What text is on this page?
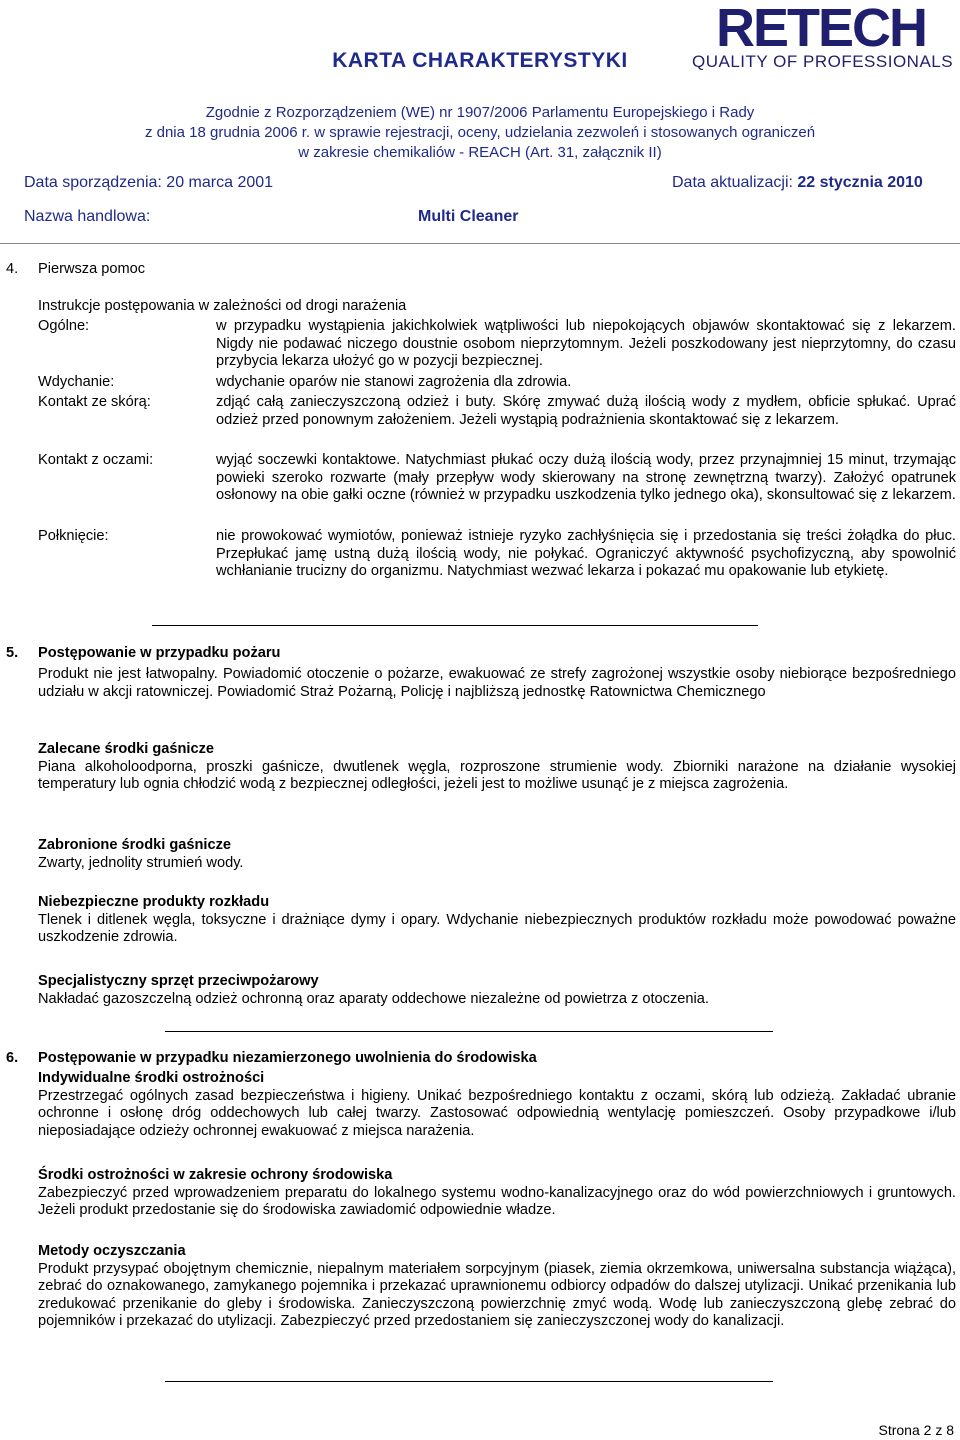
RETECH
QUALITY OF PROFESSIONALS
KARTA CHARAKTERYSTYKI
Zgodnie z Rozporządzeniem (WE) nr 1907/2006 Parlamentu Europejskiego i Rady
z dnia 18 grudnia 2006 r. w sprawie rejestracji, oceny, udzielania zezwoleń i stosowanych ograniczeń
w zakresie chemikaliów - REACH (Art. 31, załącznik II)
Data sporządzenia: 20 marca 2001	Data aktualizacji: 22 stycznia 2010
Nazwa handlowa:	Multi Cleaner
4. Pierwsza pomoc
Instrukcje postępowania w zależności od drogi narażenia
Ogólne:	w przypadku wystąpienia jakichkolwiek wątpliwości lub niepokojących objawów skontaktować się z lekarzem. Nigdy nie podawać niczego doustnie osobom nieprzytomnym. Jeżeli poszkodowany jest nieprzytomny, do czasu przybycia lekarza ułożyć go w pozycji bezpiecznej.
Wdychanie:	wdychanie oparów nie stanowi zagrożenia dla zdrowia.
Kontakt ze skórą:	zdjąć całą zanieczyszczoną odzież i buty. Skórę zmywać dużą ilością wody z mydłem, obficie spłukać. Uprać odzież przed ponownym założeniem. Jeżeli wystąpią podrażnienia skontaktować się z lekarzem.
Kontakt z oczami:	wyjąć soczewki kontaktowe. Natychmiast płukać oczy dużą ilością wody, przez przynajmniej 15 minut, trzymając powieki szeroko rozwarte (mały przepływ wody skierowany na stronę zewnętrzną twarzy). Założyć opatrunek osłonowy na obie gałki oczne (również w przypadku uszkodzenia tylko jednego oka), skonsultować się z lekarzem.
Połknięcie:	nie prowokować wymiotów, ponieważ istnieje ryzyko zachłyśnięcia się i przedostania się treści żołądka do płuc. Przepłukać jamę ustną dużą ilością wody, nie połykać. Ograniczyć aktywność psychofizyczną, aby spowolnić wchłanianie trucizny do organizmu. Natychmiast wezwać lekarza i pokazać mu opakowanie lub etykietę.
5. Postępowanie w przypadku pożaru
Produkt nie jest łatwopalny. Powiadomić otoczenie o pożarze, ewakuować ze strefy zagrożonej wszystkie osoby niebiorące bezpośredniego udziału w akcji ratowniczej. Powiadomić Straż Pożarną, Policję i najbliższą jednostkę Ratownictwa Chemicznego
Zalecane środki gaśnicze
Piana alkoholoodporna, proszki gaśnicze, dwutlenek węgla, rozproszone strumienie wody. Zbiorniki narażone na działanie wysokiej temperatury lub ognia chłodzić wodą z bezpiecznej odległości, jeżeli jest to możliwe usunąć je z miejsca zagrożenia.
Zabronione środki gaśnicze
Zwarty, jednolity strumień wody.
Niebezpieczne produkty rozkładu
Tlenek i ditlenek węgla, toksyczne i drażniące dymy i opary. Wdychanie niebezpiecznych produktów rozkładu może powodować poważne uszkodzenie zdrowia.
Specjalistyczny sprzęt przeciwpożarowy
Nakładać gazoszczelną odzież ochronną oraz aparaty oddechowe niezależne od powietrza z otoczenia.
6. Postępowanie w przypadku niezamierzonego uwolnienia do środowiska
Indywidualne środki ostrożności
Przestrzegać ogólnych zasad bezpieczeństwa i higieny. Unikać bezpośredniego kontaktu z oczami, skórą lub odzieżą. Zakładać ubranie ochronne i osłonę dróg oddechowych lub całej twarzy. Zastosować odpowiednią wentylację pomieszczeń. Osoby przypadkowe i/lub nieposiadające odzieży ochronnej ewakuować z miejsca narażenia.
Środki ostrożności w zakresie ochrony środowiska
Zabezpieczyć przed wprowadzeniem preparatu do lokalnego systemu wodno-kanalizacyjnego oraz do wód powierzchniowych i gruntowych. Jeżeli produkt przedostanie się do środowiska zawiadomić odpowiednie władze.
Metody oczyszczania
Produkt przysypać obojętnym chemicznie, niepalnym materiałem sorpcyjnym (piasek, ziemia okrzemkowa, uniwersalna substancja wiążąca), zebrać do oznakowanego, zamykanego pojemnika i przekazać uprawnionemu odbiorcy odpadów do dalszej utylizacji. Unikać przenikania lub zredukować przenikanie do gleby i środowiska. Zanieczyszczoną powierzchnię zmyć wodą. Wodę lub zanieczyszczoną glebę zebrać do pojemników i przekazać do utylizacji. Zabezpieczyć przed przedostaniem się zanieczyszczonej wody do kanalizacji.
Strona 2 z 8
